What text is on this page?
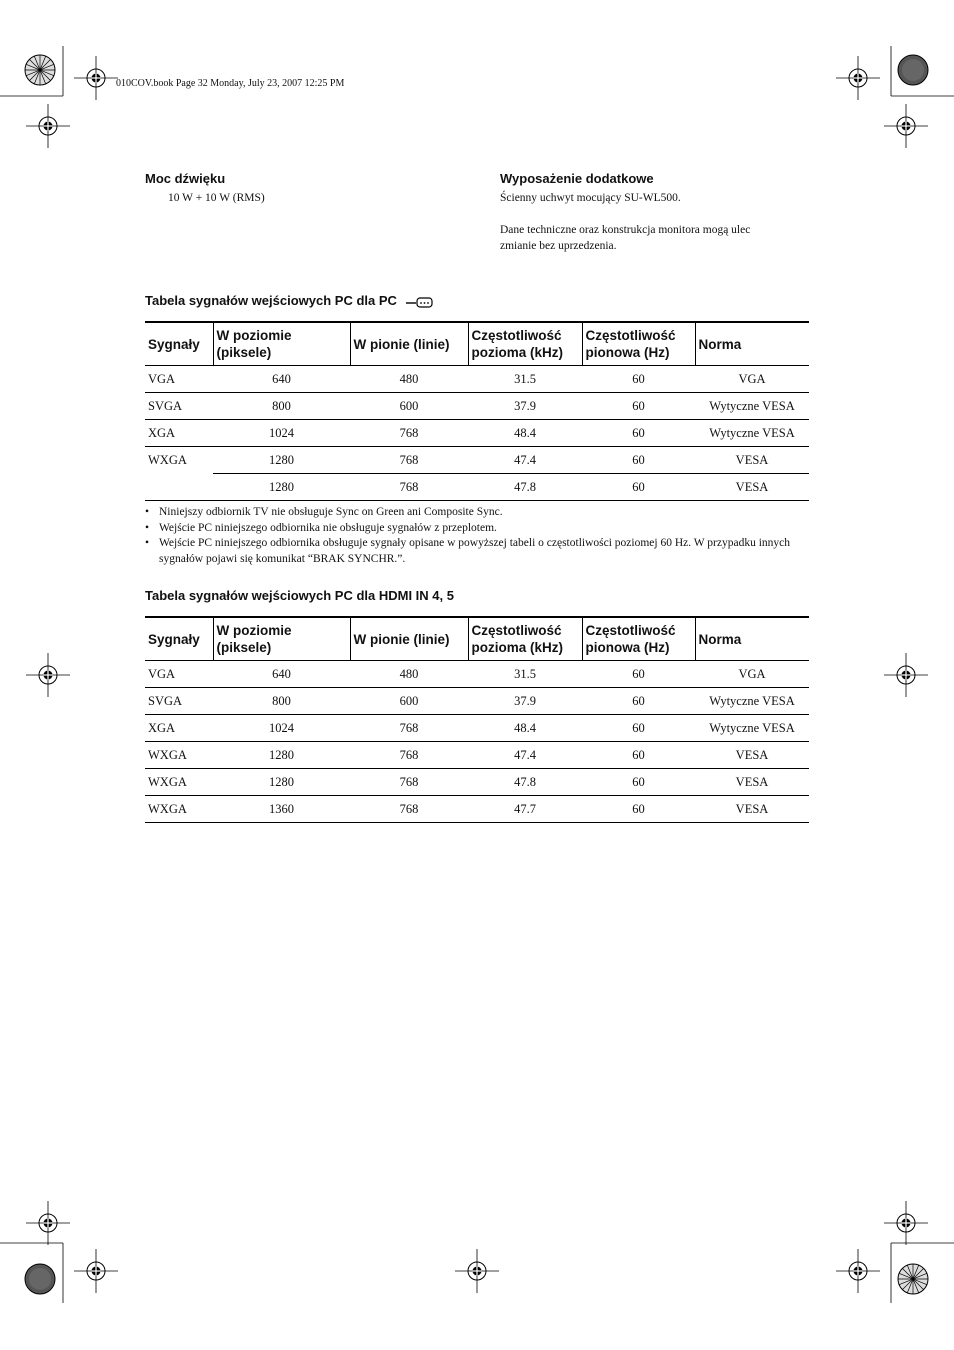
010COV.book Page 32 Monday, July 23, 2007 12:25 PM
Moc dźwięku
10 W + 10 W (RMS)
Wyposażenie dodatkowe
Ścienny uchwyt mocujący SU-WL500.
Dane techniczne oraz konstrukcja monitora mogą ulec
zmianie bez uprzedzenia.
Tabela sygnałów wejściowych PC dla PC
Sygnały	W poziomie (piksele)	W pionie (linie)	Częstotliwość pozioma (kHz)	Częstotliwość pionowa (Hz)	Norma
VGA	640	480	31.5	60	VGA
SVGA	800	600	37.9	60	Wytyczne VESA
XGA	1024	768	48.4	60	Wytyczne VESA
WXGA	1280	768	47.4	60	VESA
	1280	768	47.8	60	VESA
• Niniejszy odbiornik TV nie obsługuje Sync on Green ani Composite Sync.
• Wejście PC niniejszego odbiornika nie obsługuje sygnałów z przeplotem.
• Wejście PC niniejszego odbiornika obsługuje sygnały opisane w powyższej tabeli o częstotliwości poziomej 60 Hz. W przypadku innych sygnałów pojawi się komunikat “BRAK SYNCHR.”.
Tabela sygnałów wejściowych PC dla HDMI IN 4, 5
Sygnały	W poziomie (piksele)	W pionie (linie)	Częstotliwość pozioma (kHz)	Częstotliwość pionowa (Hz)	Norma
VGA	640	480	31.5	60	VGA
SVGA	800	600	37.9	60	Wytyczne VESA
XGA	1024	768	48.4	60	Wytyczne VESA
WXGA	1280	768	47.4	60	VESA
WXGA	1280	768	47.8	60	VESA
WXGA	1360	768	47.7	60	VESA
